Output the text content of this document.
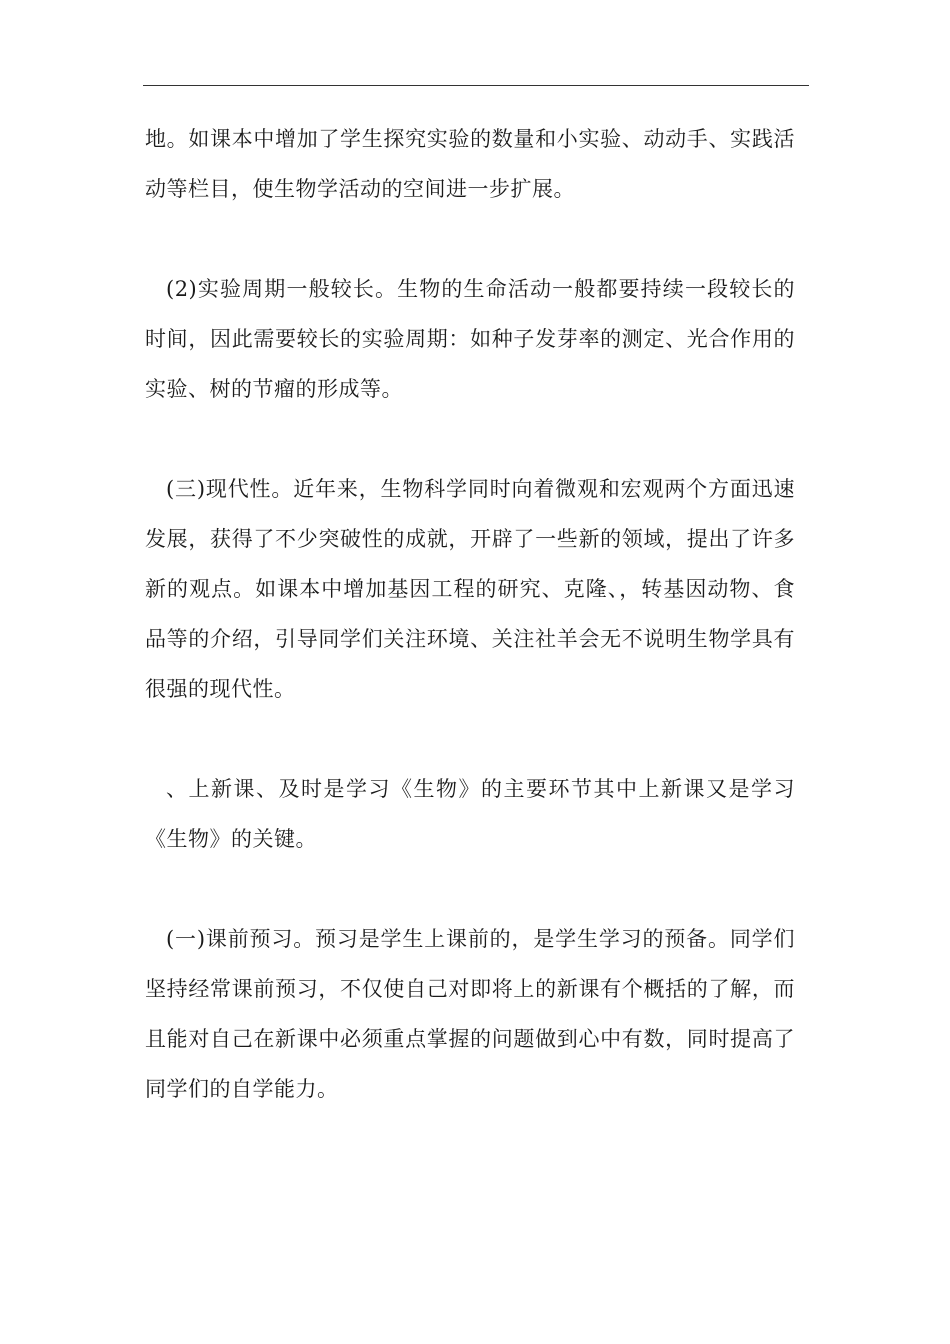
地。如课本中增加了学生探究实验的数量和小实验、动动手、实践活动等栏目，使生物学活动的空间进一步扩展。

(2)实验周期一般较长。生物的生命活动一般都要持续一段较长的时间，因此需要较长的实验周期：如种子发芽率的测定、光合作用的实验、树的节瘤的形成等。

(三)现代性。近年来，生物科学同时向着微观和宏观两个方面迅速发展，获得了不少突破性的成就，开辟了一些新的领域，提出了许多新的观点。如课本中增加基因工程的研究、克隆、，转基因动物、食品等的介绍，引导同学们关注环境、关注社羊会无不说明生物学具有很强的现代性。

、上新课、及时是学习《生物》的主要环节其中上新课又是学习《生物》的关键。

(一)课前预习。预习是学生上课前的，是学生学习的预备。同学们坚持经常课前预习，不仅使自己对即将上的新课有个概括的了解，而且能对自己在新课中必须重点掌握的问题做到心中有数，同时提高了同学们的自学能力。
